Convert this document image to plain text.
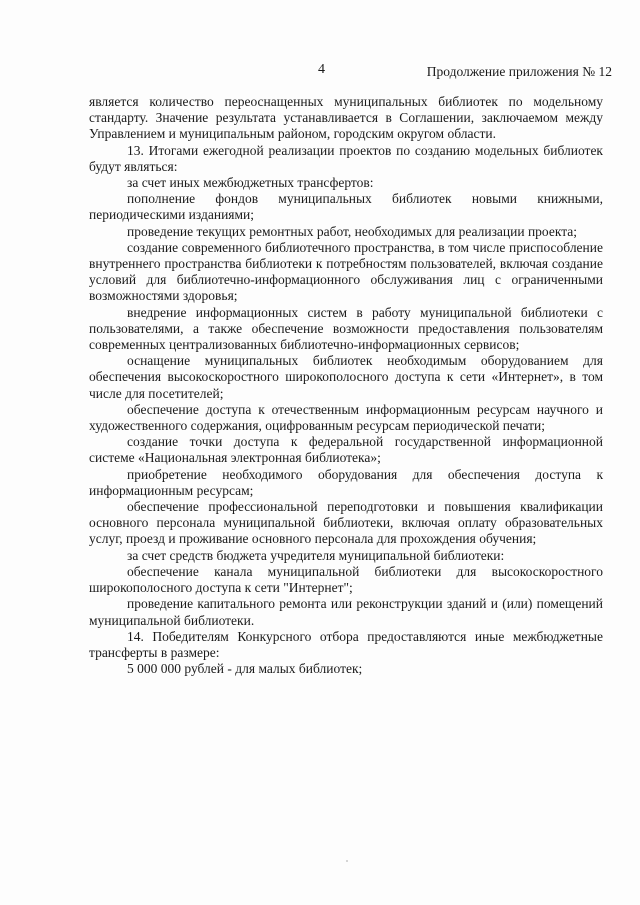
4	Продолжение приложения № 12

является количество переоснащенных муниципальных библиотек по модельному стандарту. Значение результата устанавливается в Соглашении, заключаемом между Управлением и муниципальным районом, городским округом области.

13. Итогами ежегодной реализации проектов по созданию модельных библиотек будут являться:

за счет иных межбюджетных трансфертов:

пополнение фондов муниципальных библиотек новыми книжными, периодическими изданиями;

проведение текущих ремонтных работ, необходимых для реализации проекта;

создание современного библиотечного пространства, в том числе приспособление внутреннего пространства библиотеки к потребностям пользователей, включая создание условий для библиотечно-информационного обслуживания лиц с ограниченными возможностями здоровья;

внедрение информационных систем в работу муниципальной библиотеки с пользователями, а также обеспечение возможности предоставления пользователям современных централизованных библиотечно-информационных сервисов;

оснащение муниципальных библиотек необходимым оборудованием для обеспечения высокоскоростного широкополосного доступа к сети «Интернет», в том числе для посетителей;

обеспечение доступа к отечественным информационным ресурсам научного и художественного содержания, оцифрованным ресурсам периодической печати;

создание точки доступа к федеральной государственной информационной системе «Национальная электронная библиотека»;

приобретение необходимого оборудования для обеспечения доступа к информационным ресурсам;

обеспечение профессиональной переподготовки и повышения квалификации основного персонала муниципальной библиотеки, включая оплату образовательных услуг, проезд и проживание основного персонала для прохождения обучения;

за счет средств бюджета учредителя муниципальной библиотеки:

обеспечение канала муниципальной библиотеки для высокоскоростного широкополосного доступа к сети "Интернет";

проведение капитального ремонта или реконструкции зданий и (или) помещений муниципальной библиотеки.

14. Победителям Конкурсного отбора предоставляются иные межбюджетные трансферты в размере:

5 000 000 рублей - для малых библиотек;
